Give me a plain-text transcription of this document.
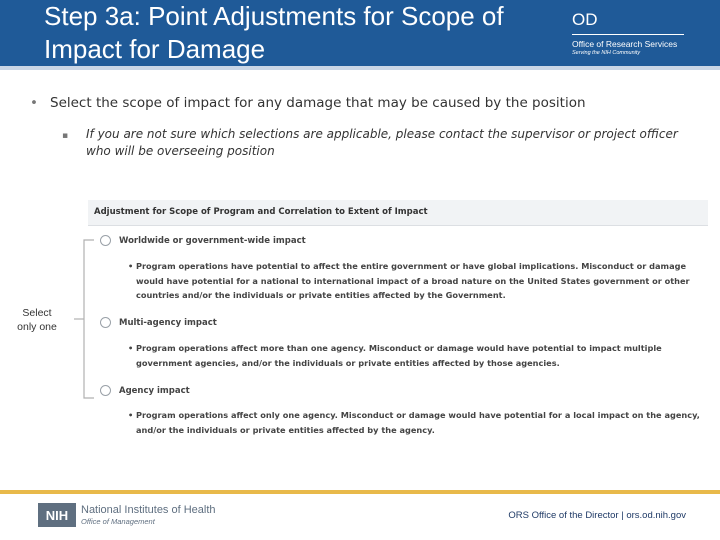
Step 3a: Point Adjustments for Scope of Impact for Damage
OD
Office of Research Services
Serving the NIH Community
• Select the scope of impact for any damage that may be caused by the position
▪	If you are not sure which selections are applicable, please contact the supervisor or project officer who will be overseeing position
Adjustment for Scope of Program and Correlation to Extent of Impact
Worldwide or government-wide impact
• Program operations have potential to affect the entire government or have global implications. Misconduct or damage would have potential for a national to international impact of a broad nature on the United States government or other countries and/or the individuals or private entities affected by the Government.
Multi-agency impact
• Program operations affect more than one agency. Misconduct or damage would have potential to impact multiple government agencies, and/or the individuals or private entities affected by those agencies.
Agency impact
• Program operations affect only one agency. Misconduct or damage would have potential for a local impact on the agency, and/or the individuals or private entities affected by the agency.
Select only one
NIH	National Institutes of Health
Office of Management
ORS Office of the Director | ors.od.nih.gov
